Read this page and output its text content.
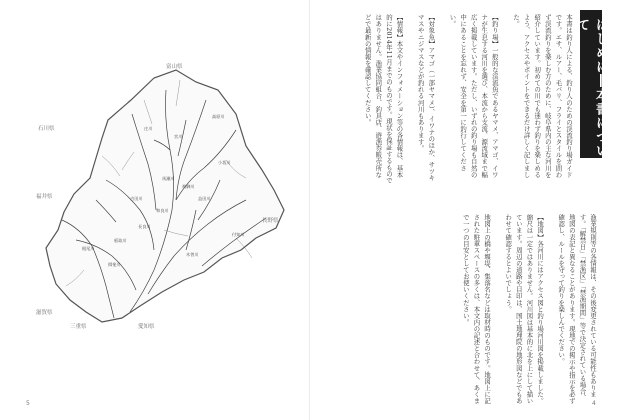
はじめに―本書について

本書は釣り人による、釣り人のための渓流釣り場ガイドです。エサ、ルアー、毛バリ、フライとスタイルを問わず渓流釣りを楽しむ方のために、岐阜県内の主な河川を紹介しています。初めての川でも迷わず釣りを楽しめるよう、アクセスやポイントをできるだけ詳しく記しました。

【釣り場】一般的な渓流魚であるヤマメ、アマゴ、イワナが生息する河川を選び、本流から支流、源流域まで幅広く掲載しています。ただし、いずれの釣り場も自然の中にあることを忘れず、安全を第一に釣行してください。

【対象魚】アマゴ（一部ヤマメ）、イワナのほか、サツキマスやニジマスなどが釣れる河川もあります。

【情報】本文やインフォメーション等の各情報は、基本的に2014年11月までのものです。現状を保証するものではありません。漁業協同組合、釣具店、遊漁券販売所などで最新の情報を確認してください。

漁業規則等の各情報は、その後変更されている可能性もあります。「解禁日」「禁漁区」「禁漁期間」等で決定されている場合、地図の表記と異なることがあります。現地での掲示や指示を必ず確認し、ルールを守って釣りを楽しんでください。

【地図】各河川にはアクセス図と釣り場河川図を掲載しました。縮尺は一定ではありません。河川図は基本的に北を上にして描いています。周辺の道路や目印は、国土地理院の地形図などでもあわせて確認するとよいでしょう。

地図上の橋や堰堤、集落名などは取材時のものです。地図上に記された駐車スペースの多くは、本文内の記述と合わせて、あくまで一つの目安としてお使いください。

富山県
石川県
福井県
長野県
滋賀県
愛知県
三重県
庄川
宮川
高原川
飛騨川
長良川
揖斐川
木曽川
益田川
吉田川
和良川
付知川
小坂川
馬瀬川
板取川
根尾川
5	4
